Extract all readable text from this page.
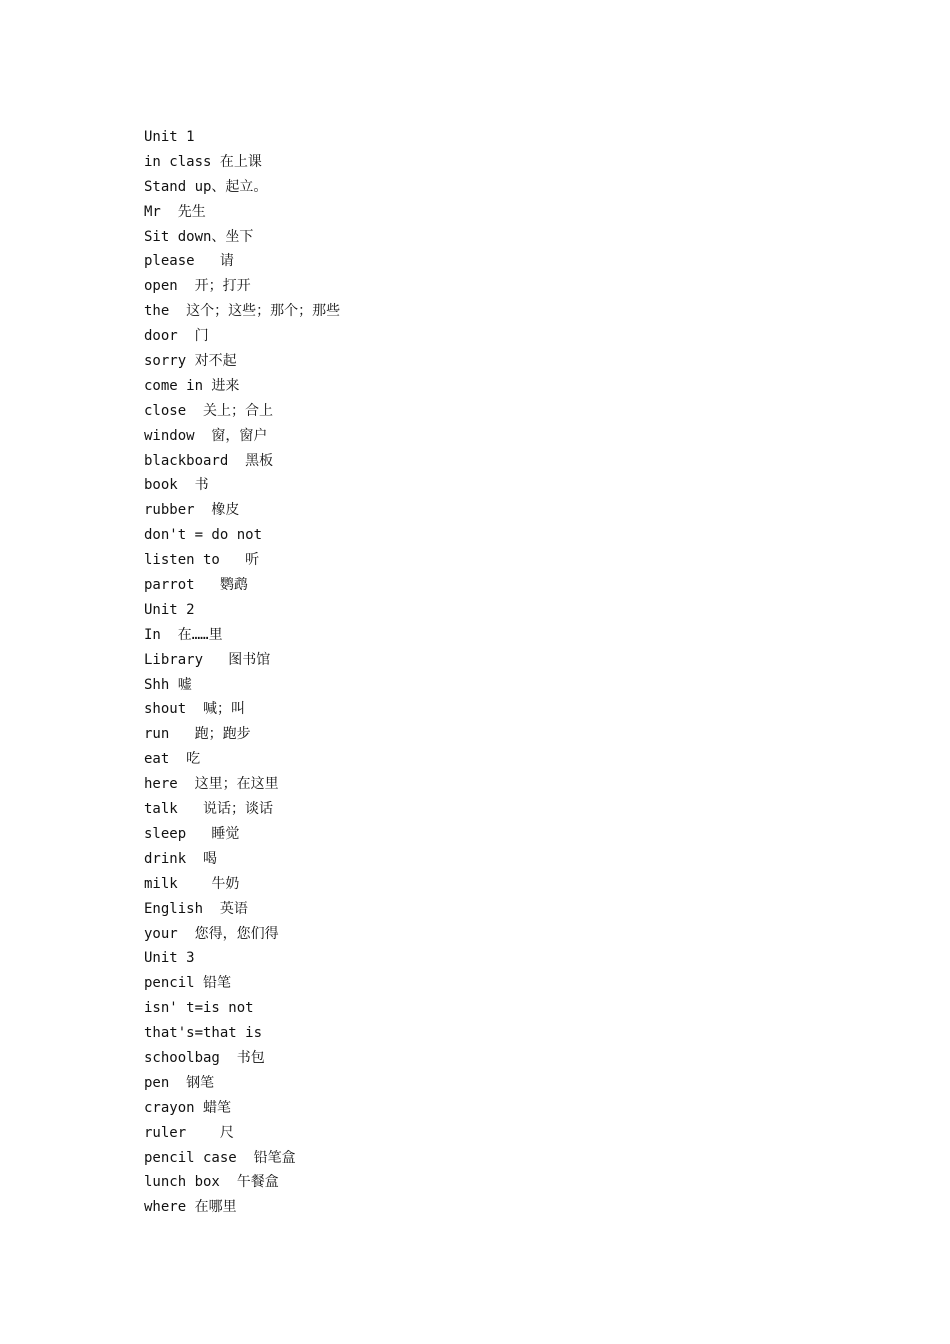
Unit 1
in class 在上课
Stand up、起立。
Mr  先生
Sit down、坐下
please   请
open  开；打开
the  这个；这些；那个；那些
door  门
sorry 对不起
come in 进来
close  关上；合上
window  窗，窗户
blackboard  黑板
book  书
rubber  橡皮
don't = do not
listen to   听
parrot   鹦鹉
Unit 2
In  在……里
Library   图书馆
Shh 嘘
shout  喊；叫
run   跑；跑步
eat  吃
here  这里；在这里
talk   说话；谈话
sleep   睡觉
drink  喝
milk    牛奶
English  英语
your  您得，您们得
Unit 3
pencil 铅笔
isn' t=is not
that's=that is
schoolbag  书包
pen  钢笔
crayon 蜡笔
ruler    尺
pencil case  铅笔盒
lunch box  午餐盒
where 在哪里
